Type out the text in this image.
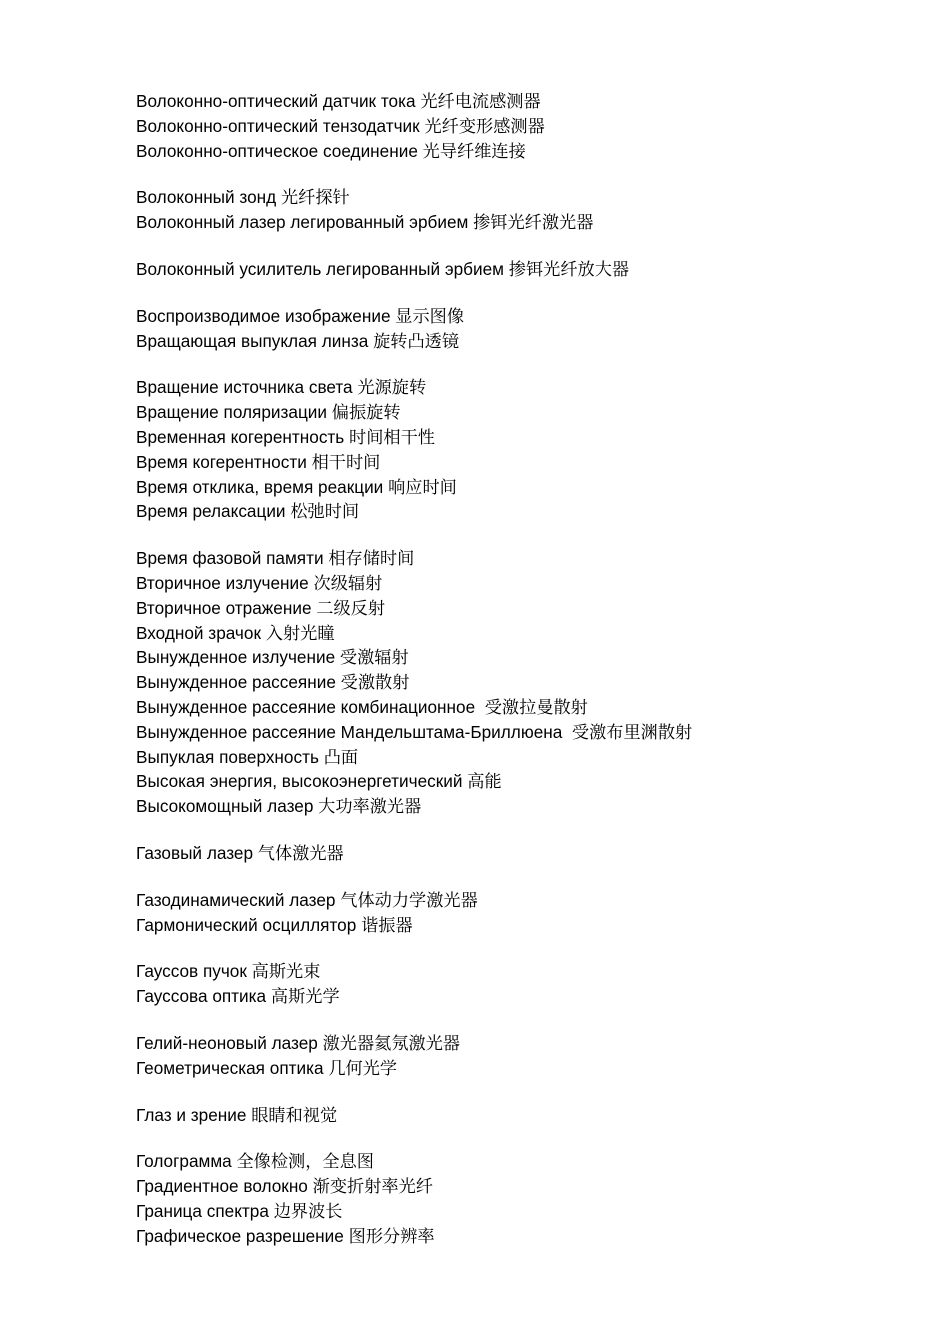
Волоконно-оптический датчик тока 光纤电流感测器
Волоконно-оптический тензодатчик 光纤变形感测器
Волоконно-оптическое соединение 光导纤维连接
Волоконный зонд 光纤探针
Волоконный лазер легированный эрбием 掺铒光纤激光器
Волоконный усилитель легированный эрбием 掺铒光纤放大器
Воспроизводимое изображение 显示图像
Вращающая выпуклая линза 旋转凸透镜
Вращение источника света 光源旋转
Вращение поляризации 偏振旋转
Временная когерентность 时间相干性
Время когерентности 相干时间
Время отклика, время реакции 响应时间
Время релаксации 松弛时间
Время фазовой памяти 相存储时间
Вторичное излучение 次级辐射
Вторичное отражение 二级反射
Входной зрачок 入射光瞳
Вынужденное излучение 受激辐射
Вынужденное рассеяние 受激散射
Вынужденное рассеяние комбинационное  受激拉曼散射
Вынужденное рассеяние Мандельштама-Бриллюена  受激布里渊散射
Выпуклая поверхность 凸面
Высокая энергия, высокоэнергетический 高能
Высокомощный лазер 大功率激光器
Газовый лазер 气体激光器
Газодинамический лазер 气体动力学激光器
Гармонический осциллятор 谐振器
Гауссов пучок 高斯光束
Гауссова оптика 高斯光学
Гелий-неоновый лазер 激光器氦氖激光器
Геометрическая оптика 几何光学
Глаз и зрение 眼睛和视觉
Голограмма 全像检测，全息图
Градиентное волокно 渐变折射率光纤
Граница спектра 边界波长
Графическое разрешение 图形分辨率
